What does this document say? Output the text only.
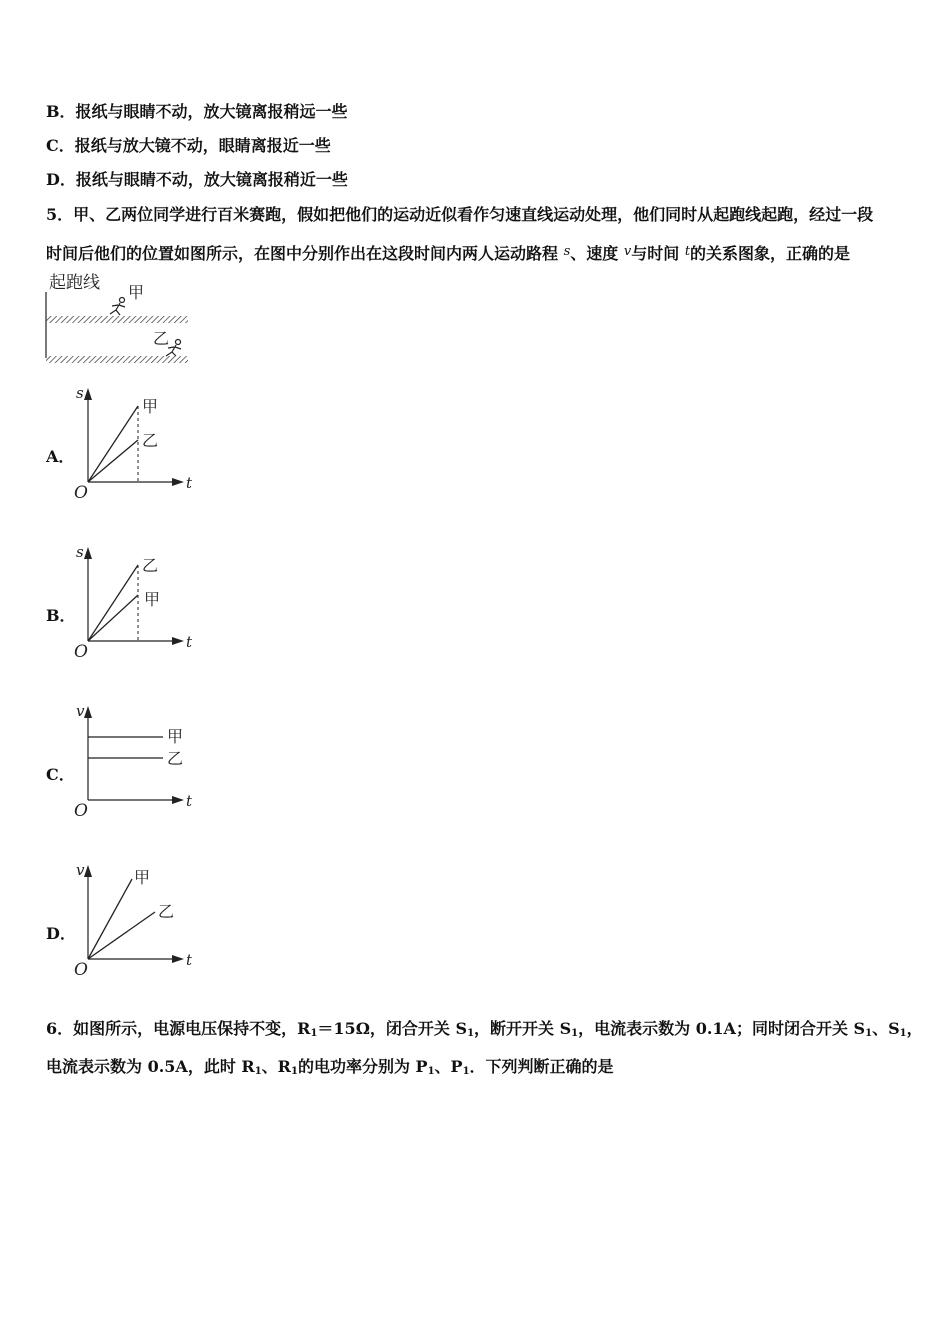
B．报纸与眼睛不动，放大镜离报稍远一些
C．报纸与放大镜不动，眼睛离报近一些
D．报纸与眼睛不动，放大镜离报稍近一些
5．甲、乙两位同学进行百米赛跑，假如把他们的运动近似看作匀速直线运动处理，他们同时从起跑线起跑，经过一段
时间后他们的位置如图所示，在图中分别作出在这段时间内两人运动路程 $^s$、速度 $^v$与时间 $^t$的关系图象，正确的是
起跑线 甲
乙
A．
s
t
O
甲
乙
B．
s
t
O
乙
甲
C．
v
t
O
甲
乙
D．
v
t
O
甲
乙
6．如图所示，电源电压保持不变，$R_1=15\Omega$，闭合开关 $S_1$，断开开关 $S_1$，电流表示数为 0.1A；同时闭合开关 $S_1$、$S_1$，
电流表示数为 0.5A，此时 $R_1$、$R_1$的电功率分别为 $P_1$、$P_1$．下列判断正确的是
